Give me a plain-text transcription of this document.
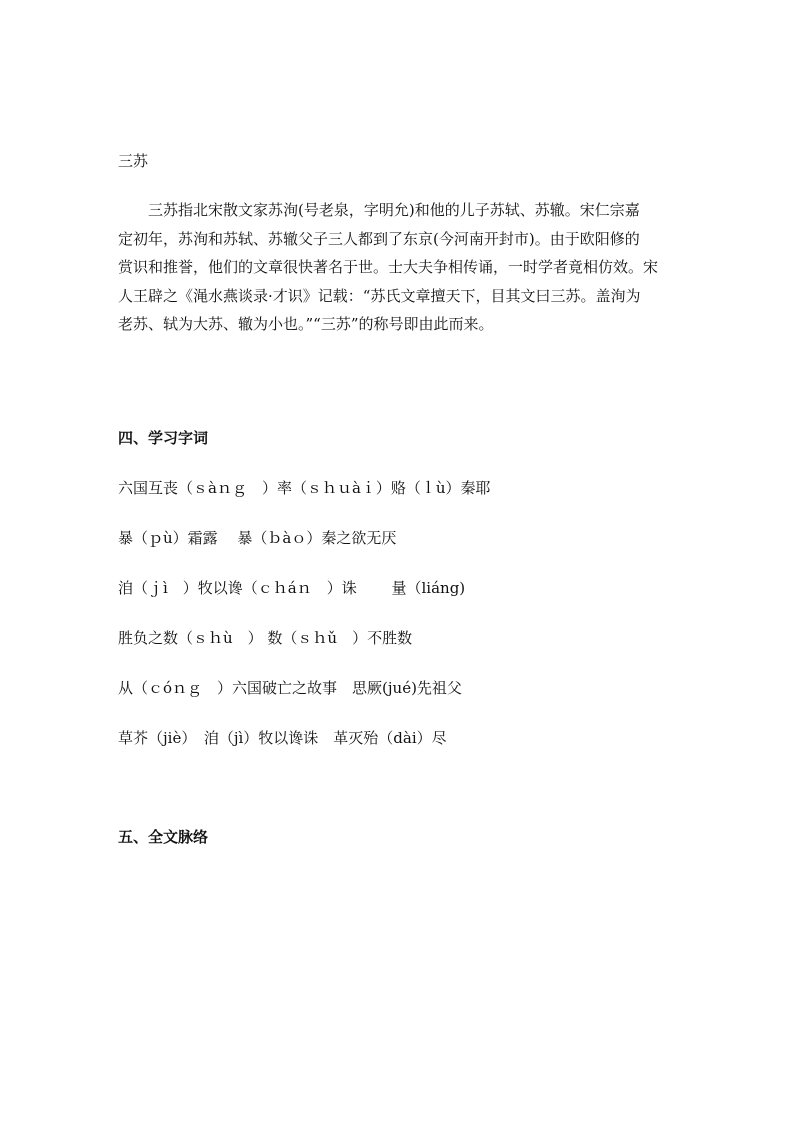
三苏

　　三苏指北宋散文家苏洵(号老泉，字明允)和他的儿子苏轼、苏辙。宋仁宗嘉
定初年，苏洵和苏轼、苏辙父子三人都到了东京(今河南开封市)。由于欧阳修的
赏识和推誉，他们的文章很快著名于世。士大夫争相传诵，一时学者竟相仿效。宋
人王辟之《渑水燕谈录·才识》记载：“苏氏文章擅天下，目其文曰三苏。盖洵为
老苏、轼为大苏、辙为小也。”“三苏”的称号即由此而来。

四、学习字词
六国互丧（ｓàｎｇ　）率（ｓｈｕàｉ）赂（ｌù）秦耶
暴（ｐù）霜露　 暴（ｂàｏ）秦之欲无厌
洎（ｊì　）牧以谗（ｃｈáｎ　）诛　　 量（liáng)
胜负之数（ｓｈù　） 数（ｓｈǔ　）不胜数
从（ｃóｎｇ　）六国破亡之故事　思厥(jué)先祖父
草芥（jiè）　洎（jì）牧以谗诛　革灭殆（dài）尽
五、全文脉络
